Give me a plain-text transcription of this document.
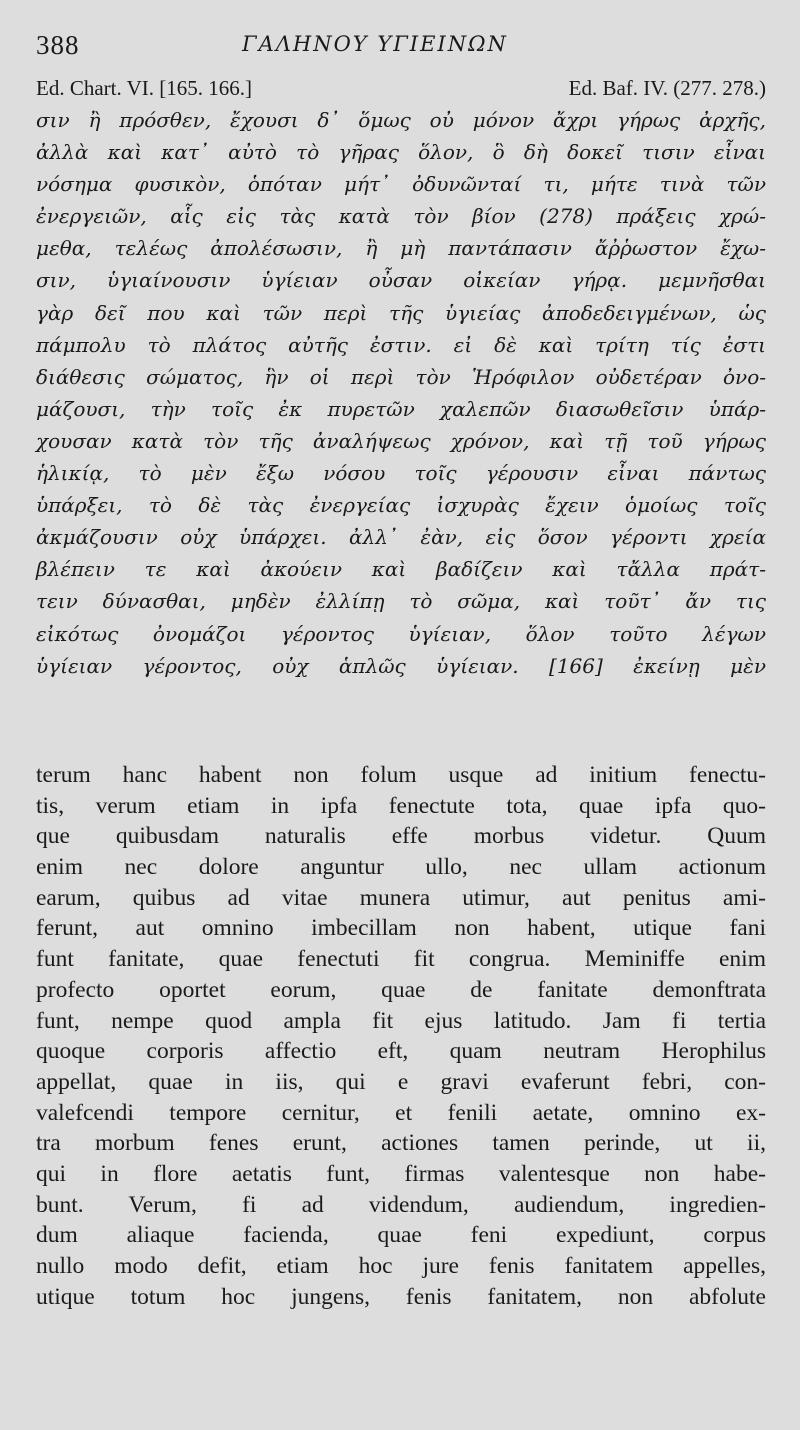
388	ΓΑΛΗΝΟΥ ΥΓΙΕΙΝΩΝ
Ed. Chart. VI. [165. 166.]	Ed. Baf. IV. (277. 278.)
σιν ἢ πρόσθεν, ἔχουσι δ᾿ ὅμως οὐ μόνον ἄχρι γήρως ἀρχῆς,
ἀλλὰ καὶ κατ᾿ αὐτὸ τὸ γῆρας ὅλον, ὃ δὴ δοκεῖ τισιν εἶναι
νόσημα φυσικὸν, ὁπόταν μήτ᾿ ὀδυνῶνταί τι, μήτε τινὰ τῶν
ἐνεργειῶν, αἷς εἰς τὰς κατὰ τὸν βίον (278) πράξεις χρώ-
μεθα, τελέως ἀπολέσωσιν, ἢ μὴ παντάπασιν ἄῤῥωστον ἔχω-
σιν, ὑγιαίνουσιν ὑγίειαν οὖσαν οἰκείαν γήρᾳ. μεμνῆσθαι
γὰρ δεῖ που καὶ τῶν περὶ τῆς ὑγιείας ἀποδεδειγμένων, ὡς
πάμπολυ τὸ πλάτος αὐτῆς ἐστιν. εἰ δὲ καὶ τρίτη τίς ἐστι
διάθεσις σώματος, ἣν οἱ περὶ τὸν Ἡρόφιλον οὐδετέραν ὀνο-
μάζουσι, τὴν τοῖς ἐκ πυρετῶν χαλεπῶν διασωθεῖσιν ὑπάρ-
χουσαν κατὰ τὸν τῆς ἀναλήψεως χρόνον, καὶ τῇ τοῦ γήρως
ἡλικίᾳ, τὸ μὲν ἔξω νόσου τοῖς γέρουσιν εἶναι πάντως
ὑπάρξει, τὸ δὲ τὰς ἐνεργείας ἰσχυρὰς ἔχειν ὁμοίως τοῖς
ἀκμάζουσιν οὐχ ὑπάρχει. ἀλλ᾿ ἐὰν, εἰς ὅσον γέροντι χρεία
βλέπειν τε καὶ ἀκούειν καὶ βαδίζειν καὶ τἄλλα πράτ-
τειν δύνασθαι, μηδὲν ἐλλίπῃ τὸ σῶμα, καὶ τοῦτ᾿ ἄν τις
εἰκότως ὀνομάζοι γέροντος ὑγίειαν, ὅλον τοῦτο λέγων
ὑγίειαν γέροντος, οὐχ ἁπλῶς ὑγίειαν. [166] ἐκείνῃ μὲν
terum hanc habent non folum usque ad initium fenectu-
tis, verum etiam in ipfa fenectute tota, quae ipfa quo-
que quibusdam naturalis effe morbus videtur. Quum
enim nec dolore anguntur ullo, nec ullam actionum
earum, quibus ad vitae munera utimur, aut penitus ami-
ferunt, aut omnino imbecillam non habent, utique fani
funt fanitate, quae fenectuti fit congrua. Meminiffe enim
profecto oportet eorum, quae de fanitate demonftrata
funt, nempe quod ampla fit ejus latitudo. Jam fi tertia
quoque corporis affectio eft, quam neutram Herophilus
appellat, quae in iis, qui e gravi evaferunt febri, con-
valefcendi tempore cernitur, et fenili aetate, omnino ex-
tra morbum fenes erunt, actiones tamen perinde, ut ii,
qui in flore aetatis funt, firmas valentesque non habe-
bunt. Verum, fi ad videndum, audiendum, ingredien-
dum aliaque facienda, quae feni expediunt, corpus
nullo modo defit, etiam hoc jure fenis fanitatem appelles,
utique totum hoc jungens, fenis fanitatem, non abfolute
